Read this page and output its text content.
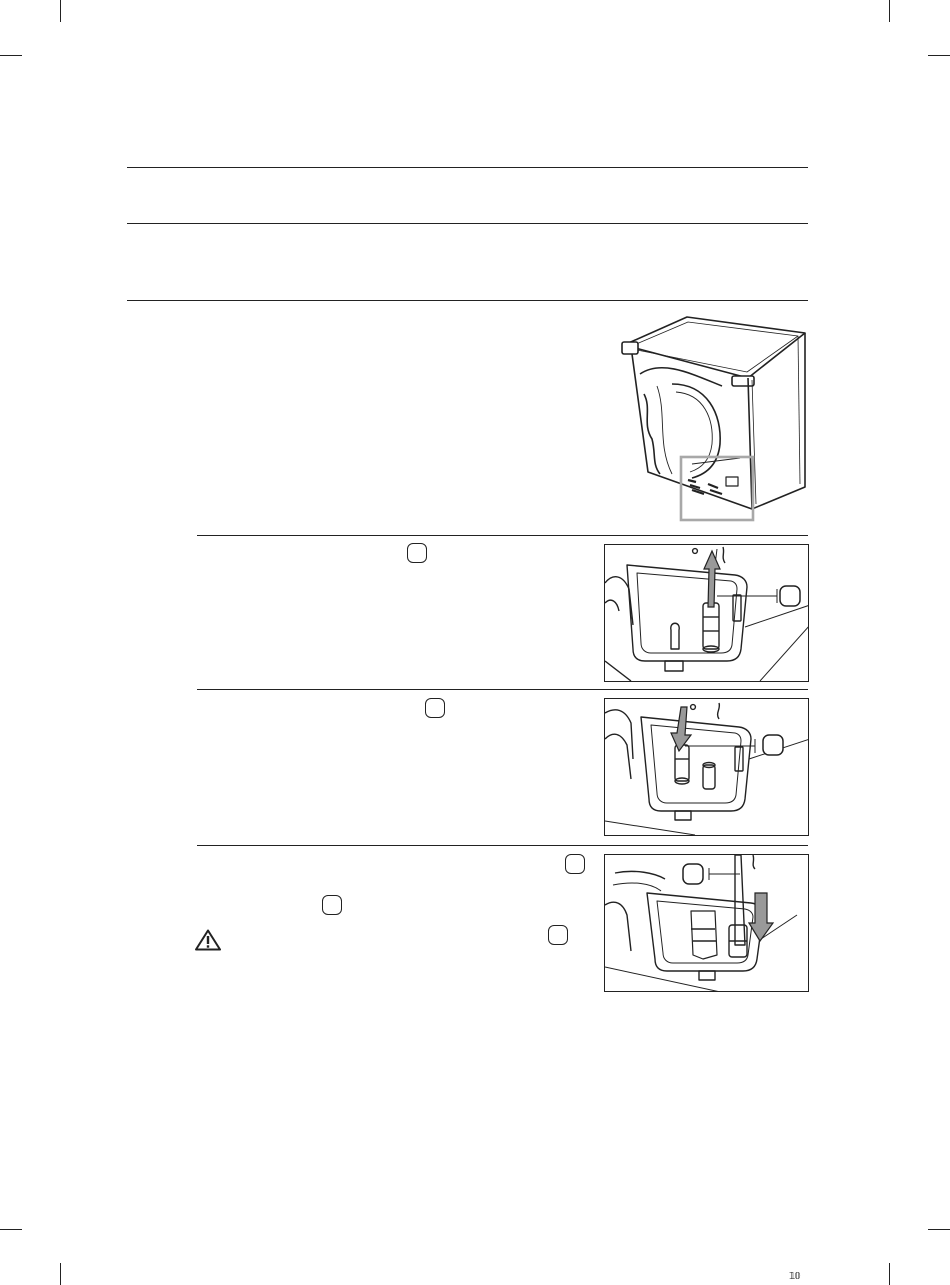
𝟙𝟘
